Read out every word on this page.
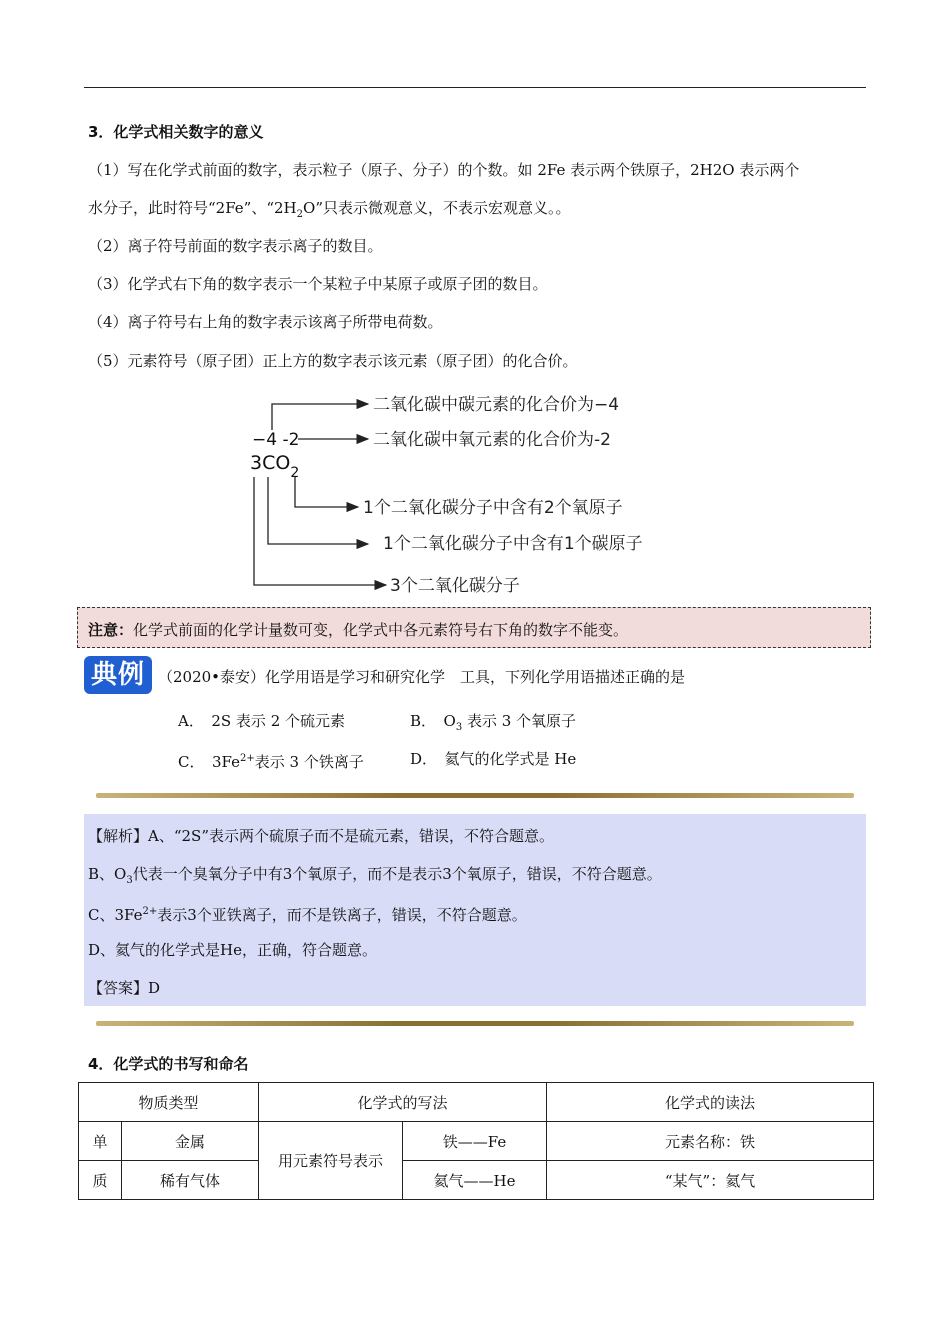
3．化学式相关数字的意义
（1）写在化学式前面的数字，表示粒子（原子、分子）的个数。如 2Fe 表示两个铁原子，2H2O 表示两个
水分子，此时符号“2Fe”、“$2H_2O$”只表示微观意义，不表示宏观意义。。
（2）离子符号前面的数字表示离子的数目。
（3）化学式右下角的数字表示一个某粒子中某原子或原子团的数目。
（4）离子符号右上角的数字表示该离子所带电荷数。
（5）元素符号（原子团）正上方的数字表示该元素（原子团）的化合价。
−4 -2
$3CO_2$
二氧化碳中碳元素的化合价为−4
二氧化碳中氧元素的化合价为-2
1个二氧化碳分子中含有2个氧原子
1个二氧化碳分子中含有1个碳原子
3个二氧化碳分子
注意：化学式前面的化学计量数可变，化学式中各元素符号右下角的数字不能变。
典例 （2020•泰安）化学用语是学习和研究化学　工具，下列化学用语描述正确的是
A．　2S 表示 2 个硫元素	B．　$O_3$ 表示 3 个氧原子
C．　$3Fe^{2+}$表示 3 个铁离子	D．　氦气的化学式是 He
【解析】A、“2S”表示两个硫原子而不是硫元素，错误，不符合题意。
B、$O_3$代表一个臭氧分子中有3个氧原子，而不是表示3个氧原子，错误，不符合题意。
C、$3Fe^{2+}$表示3个亚铁离子，而不是铁离子，错误，不符合题意。
D、氦气的化学式是He，正确，符合题意。
【答案】D
4．化学式的书写和命名
物质类型		化学式的写法		化学式的读法
单	金属	用元素符号表示	铁——Fe	元素名称：铁
质	稀有气体		氦气——He	“某气”：氦气
